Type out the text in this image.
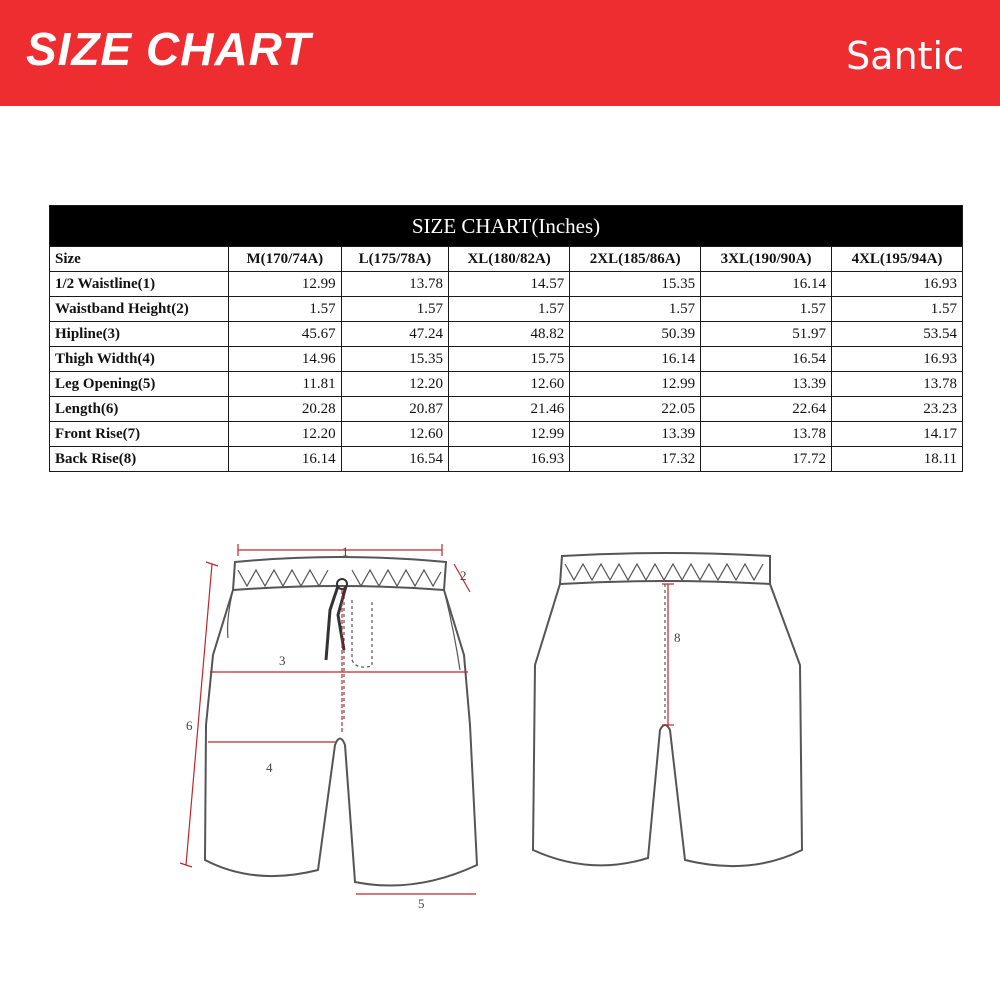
SIZE CHART	Santic
SIZE CHART(Inches)						
Size	M(170/74A)	L(175/78A)	XL(180/82A)	2XL(185/86A)	3XL(190/90A)	4XL(195/94A)
1/2 Waistline(1)	12.99	13.78	14.57	15.35	16.14	16.93
Waistband Height(2)	1.57	1.57	1.57	1.57	1.57	1.57
Hipline(3)	45.67	47.24	48.82	50.39	51.97	53.54
Thigh Width(4)	14.96	15.35	15.75	16.14	16.54	16.93
Leg Opening(5)	11.81	12.20	12.60	12.99	13.39	13.78
Length(6)	20.28	20.87	21.46	22.05	22.64	23.23
Front Rise(7)	12.20	12.60	12.99	13.39	13.78	14.17
Back Rise(8)	16.14	16.54	16.93	17.32	17.72	18.11
1
2
3
4
5
6
8
